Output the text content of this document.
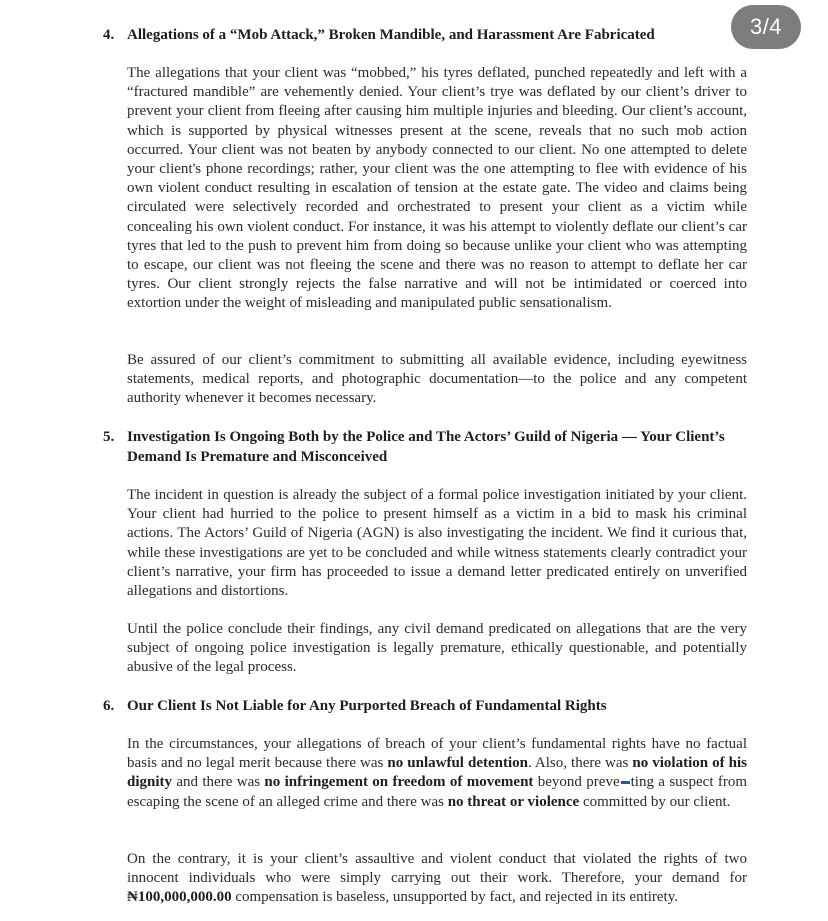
3/4
4. Allegations of a “Mob Attack,” Broken Mandible, and Harassment Are Fabricated
The allegations that your client was “mobbed,” his tyres deflated, punched repeatedly and left with a “fractured mandible” are vehemently denied. Your client’s trye was deflated by our client’s driver to prevent your client from fleeing after causing him multiple injuries and bleeding. Our client’s account, which is supported by physical witnesses present at the scene, reveals that no such mob action occurred. Your client was not beaten by anybody connected to our client. No one attempted to delete your client's phone recordings; rather, your client was the one attempting to flee with evidence of his own violent conduct resulting in escalation of tension at the estate gate. The video and claims being circulated were selectively recorded and orchestrated to present your client as a victim while concealing his own violent conduct. For instance, it was his attempt to violently deflate our client’s car tyres that led to the push to prevent him from doing so because unlike your client who was attempting to escape, our client was not fleeing the scene and there was no reason to attempt to deflate her car tyres. Our client strongly rejects the false narrative and will not be intimidated or coerced into extortion under the weight of misleading and manipulated public sensationalism.
Be assured of our client’s commitment to submitting all available evidence, including eyewitness statements, medical reports, and photographic documentation—to the police and any competent authority whenever it becomes necessary.
5. Investigation Is Ongoing Both by the Police and The Actors’ Guild of Nigeria — Your Client’s Demand Is Premature and Misconceived
The incident in question is already the subject of a formal police investigation initiated by your client. Your client had hurried to the police to present himself as a victim in a bid to mask his criminal actions. The Actors’ Guild of Nigeria (AGN) is also investigating the incident. We find it curious that, while these investigations are yet to be concluded and while witness statements clearly contradict your client’s narrative, your firm has proceeded to issue a demand letter predicated entirely on unverified allegations and distortions.
Until the police conclude their findings, any civil demand predicated on allegations that are the very subject of ongoing police investigation is legally premature, ethically questionable, and potentially abusive of the legal process.
6. Our Client Is Not Liable for Any Purported Breach of Fundamental Rights
In the circumstances, your allegations of breach of your client’s fundamental rights have no factual basis and no legal merit because there was no unlawful detention. Also, there was no violation of his dignity and there was no infringement on freedom of movement beyond preve ting a suspect from escaping the scene of an alleged crime and there was no threat or violence committed by our client.
On the contrary, it is your client’s assaultive and violent conduct that violated the rights of two innocent individuals who were simply carrying out their work. Therefore, your demand for ₦100,000,000.00 compensation is baseless, unsupported by fact, and rejected in its entirety.
